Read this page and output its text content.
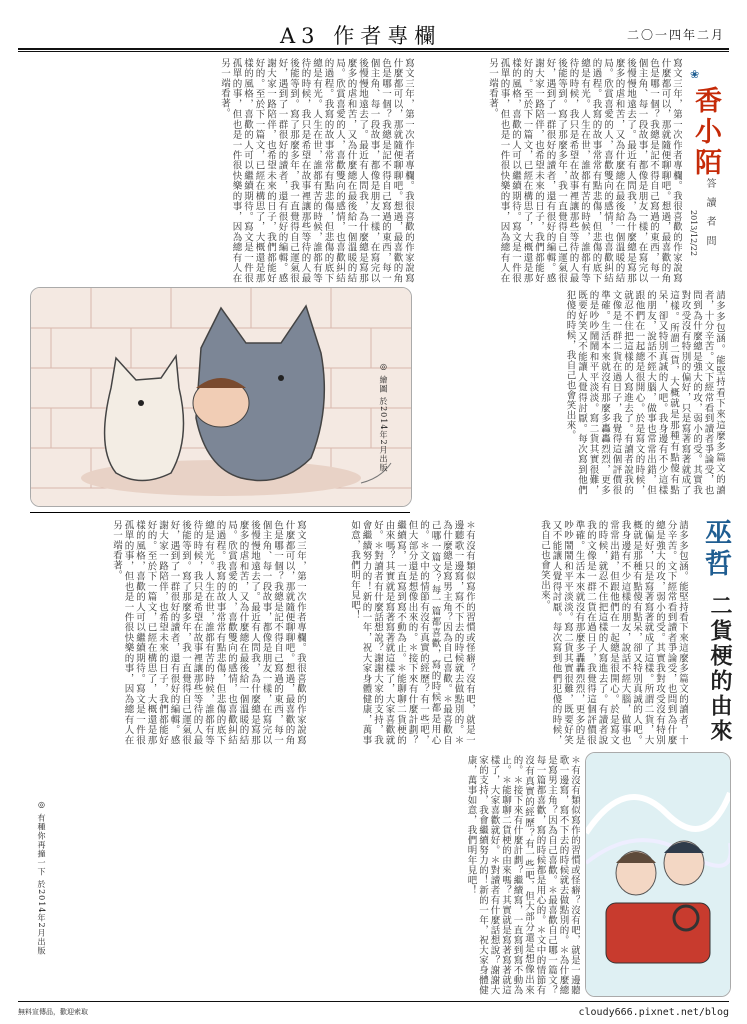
A3 作者專欄	二〇一四年二月
❀
香小陌
答 讀 者 問
2013/12/22
寫文三年，第一次作者專欄。我很喜歡的作家說寫什麼都可以，那就隨便聊聊吧。想過，最喜歡的角色是哪一個？我總是記不得自己寫過的東西，每一個主角、每一段故事，都像是朋友一樣，在寫完以後慢慢地遠去了。最近有人問我，為什麼總是寫那麼多的虐和苦，又為什麼總在最後給一個溫暖的結局。欣賞喜愛的人，喜歡雙向的感情，也喜歡糾結的過程。我寫的故事常常有點悲傷，但悲傷的底下總是有光。人生在世，誰都有苦的時候，誰都有等待的時候，我只是希望在故事裡讓那些等待的人最後能等到。寫了那麼多年，我一直覺得自己運氣很好，遇到了一群很好的讀者，還有很好的編輯。感謝大家一路陪伴，也希望未來的日子，我們都能好好的。至於下一篇文，已經在構思了，大概還是那樣的風格，喜歡的人可以繼續期待。寫文是一件很孤單的事，但也是一件很快樂的事，因為總有人在另一端看著。
寫文三年，第一次作者專欄。我很喜歡的作家說寫什麼都可以，那就隨便聊聊吧。想過，最喜歡的角色是哪一個？我總是記不得自己寫過的東西，每一個主角、每一段故事，都像是朋友一樣，在寫完以後慢慢地遠去了。最近有人問我，為什麼總是寫那麼多的虐和苦，又為什麼總在最後給一個溫暖的結局。欣賞喜愛的人，喜歡雙向的感情，也喜歡糾結的過程。我寫的故事常常有點悲傷，但悲傷的底下總是有光。人生在世，誰都有苦的時候，誰都有等待的時候，我只是希望在故事裡讓那些等待的人最後能等到。寫了那麼多年，我一直覺得自己運氣很好，遇到了一群很好的讀者，還有很好的編輯。感謝大家一路陪伴，也希望未來的日子，我們都能好好的。至於下一篇文，已經在構思了，大概還是那樣的風格，喜歡的人可以繼續期待。寫文是一件很孤單的事，但也是一件很快樂的事，因為總有人在另一端看著。
請多多包涵。能堅持看下來這麼多篇文的讀者，十分辛苦。文下經常看到讀者爭論受，也問到為什麼總是強大的攻，弱小的受。其實我對攻受沒有特別的偏好，只是寫著寫著就成了這樣。所謂二貨，大概就是那種有點傻有點呆，卻又特別真誠的人吧。我身邊有不少這樣的朋友，說話不經大腦，做事也常常出錯，但跟他們在一起總是很開心。於是寫文的時候，就忍不住把這樣的人寫進去了。有讀者說我的文像是一群二貨在過日子，我覺得這個評價很準確。生活本來就沒有那麼多轟轟烈烈，更多的是吵吵鬧鬧和平平淡淡。寫二貨其實很難，既要好笑又不能讓人覺得討厭。每次寫到他們犯傻的時候，我自己也會笑出來。
◎ 繪圖 於2014年2月出版
巫哲
二貨梗的由來
請多多包涵。能堅持看下來這麼多篇文的讀者，十分辛苦。文下經常看到讀者爭論受，也問到為什麼總是強大的攻，弱小的受。其實我對攻受沒有特別的偏好，只是寫著寫著就成了這樣。所謂二貨，大概就是那種有點傻有點呆，卻又特別真誠的人吧。我身邊有不少這樣的朋友，說話不經大腦，做事也常常出錯，但跟他們在一起總是很開心。於是寫文的時候，就忍不住把這樣的人寫進去了。有讀者說我的文像是一群二貨在過日子，我覺得這個評價很準確。生活本來就沒有那麼多轟轟烈烈，更多的是吵吵鬧鬧和平平淡淡。寫二貨其實很難，既要好笑又不能讓人覺得討厭。每次寫到他們犯傻的時候，我自己也會笑出來。
＊有沒有類似寫作的習慣或怪癖？沒有吧，就是一邊聽歌一邊寫，寫不下去的時候就去做點別的。＊為什麼總是寫男主角？因為自己喜歡。＊最喜歡自己哪一篇文？每一篇都喜歡，寫的時候都是用心的。＊文中的情節有沒有真實的經歷？有一些吧，但大部分還是想像出來的。＊接下來有什麼計劃？繼續寫，一直寫到寫不動為止。＊能聊聊二貨梗的由來嗎？其實就是寫著寫著就這樣了，大家喜歡就好。＊對讀者有什麼話想說？謝謝大家的支持，我會繼續努力的！新的一年，祝大家身體健康，萬事如意，我們明年見吧！
寫文三年，第一次作者專欄。我很喜歡的作家說寫什麼都可以，那就隨便聊聊吧。想過，最喜歡的角色是哪一個？我總是記不得自己寫過的東西，每一個主角、每一段故事，都像是朋友一樣，在寫完以後慢慢地遠去了。最近有人問我，為什麼總是寫那麼多的虐和苦，又為什麼總在最後給一個溫暖的結局。欣賞喜愛的人，喜歡雙向的感情，也喜歡糾結的過程。我寫的故事常常有點悲傷，但悲傷的底下總是有光。人生在世，誰都有苦的時候，誰都有等待的時候，我只是希望在故事裡讓那些等待的人最後能等到。寫了那麼多年，我一直覺得自己運氣很好，遇到了一群很好的讀者，還有很好的編輯。感謝大家一路陪伴，也希望未來的日子，我們都能好好的。至於下一篇文，已經在構思了，大概還是那樣的風格，喜歡的人可以繼續期待。寫文是一件很孤單的事，但也是一件很快樂的事，因為總有人在另一端看著。
＊有沒有類似寫作的習慣或怪癖？沒有吧，就是一邊聽歌一邊寫，寫不下去的時候就去做點別的。＊為什麼總是寫男主角？因為自己喜歡。＊最喜歡自己哪一篇文？每一篇都喜歡，寫的時候都是用心的。＊文中的情節有沒有真實的經歷？有一些吧，但大部分還是想像出來的。＊接下來有什麼計劃？繼續寫，一直寫到寫不動為止。＊能聊聊二貨梗的由來嗎？其實就是寫著寫著就這樣了，大家喜歡就好。＊對讀者有什麼話想說？謝謝大家的支持，我會繼續努力的！新的一年，祝大家身體健康，萬事如意，我們明年見吧！
◎ 有種你再撞一下 於2014年2月出版
無料宣傳品，歡迎索取	cloudy666.pixnet.net/blog
